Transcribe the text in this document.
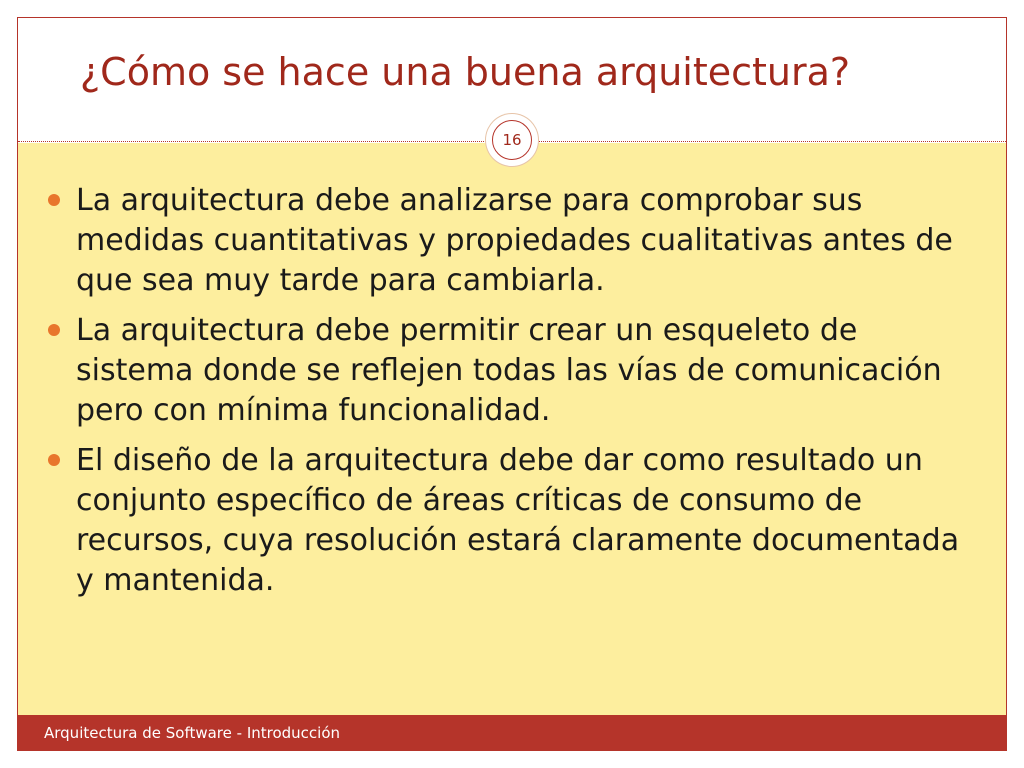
¿Cómo se hace una buena arquitectura?
16
La arquitectura debe analizarse para comprobar sus medidas cuantitativas y propiedades cualitativas antes de que sea muy tarde para cambiarla.
La arquitectura debe permitir crear un esqueleto de sistema donde se reflejen todas las vías de comunicación pero con mínima funcionalidad.
El diseño de la arquitectura debe dar como resultado un conjunto específico de áreas críticas de consumo de recursos, cuya resolución estará claramente documentada y mantenida.
Arquitectura de Software - Introducción
